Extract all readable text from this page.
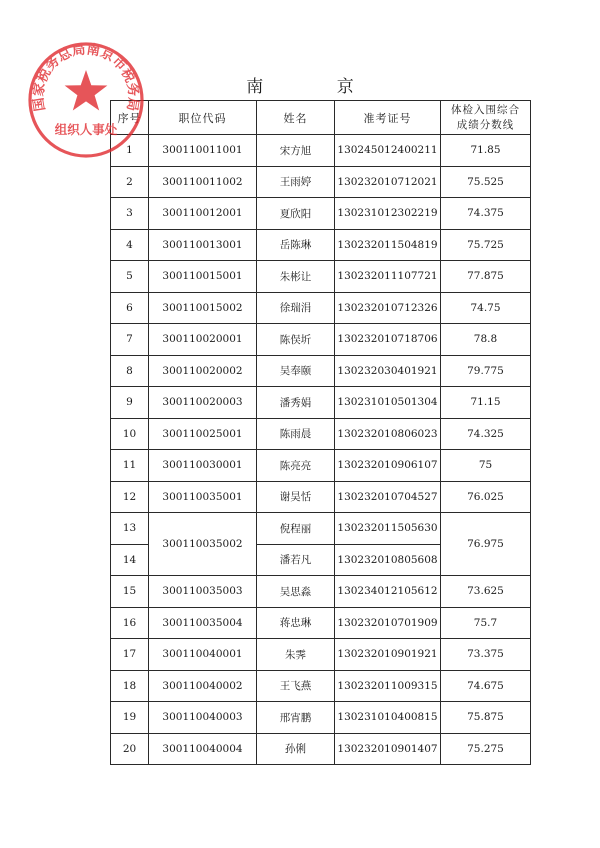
南 京
序号	职位代码	姓名	准考证号	体检入围综合
成绩分数线

1	300110011001	宋方旭	130245012400211	71.85
2	300110011002	王雨婷	130232010712021	75.525
3	300110012001	夏欣阳	130231012302219	74.375
4	300110013001	岳陈琳	130232011504819	75.725
5	300110015001	朱彬让	130232011107721	77.875
6	300110015002	徐瑞涓	130232010712326	74.75
7	300110020001	陈俣圻	130232010718706	78.8
8	300110020002	吴奉颐	130232030401921	79.775
9	300110020003	潘秀娟	130231010501304	71.15
10	300110025001	陈雨晨	130232010806023	74.325
11	300110030001	陈亮亮	130232010906107	75
12	300110035001	谢昊恬	130232010704527	76.025
13	300110035002	倪程丽	130232011505630	76.975
14		潘若凡	130232010805608	
15	300110035003	吴思淼	130234012105612	73.625
16	300110035004	蒋忠琳	130232010701909	75.7
17	300110040001	朱霁	130232010901921	73.375
18	300110040002	王飞燕	130232011009315	74.675
19	300110040003	邢宵鹏	130231010400815	75.875
20	300110040004	孙俐	130232010901407	75.275
国家税务总局南京市税务局
组织人事处
